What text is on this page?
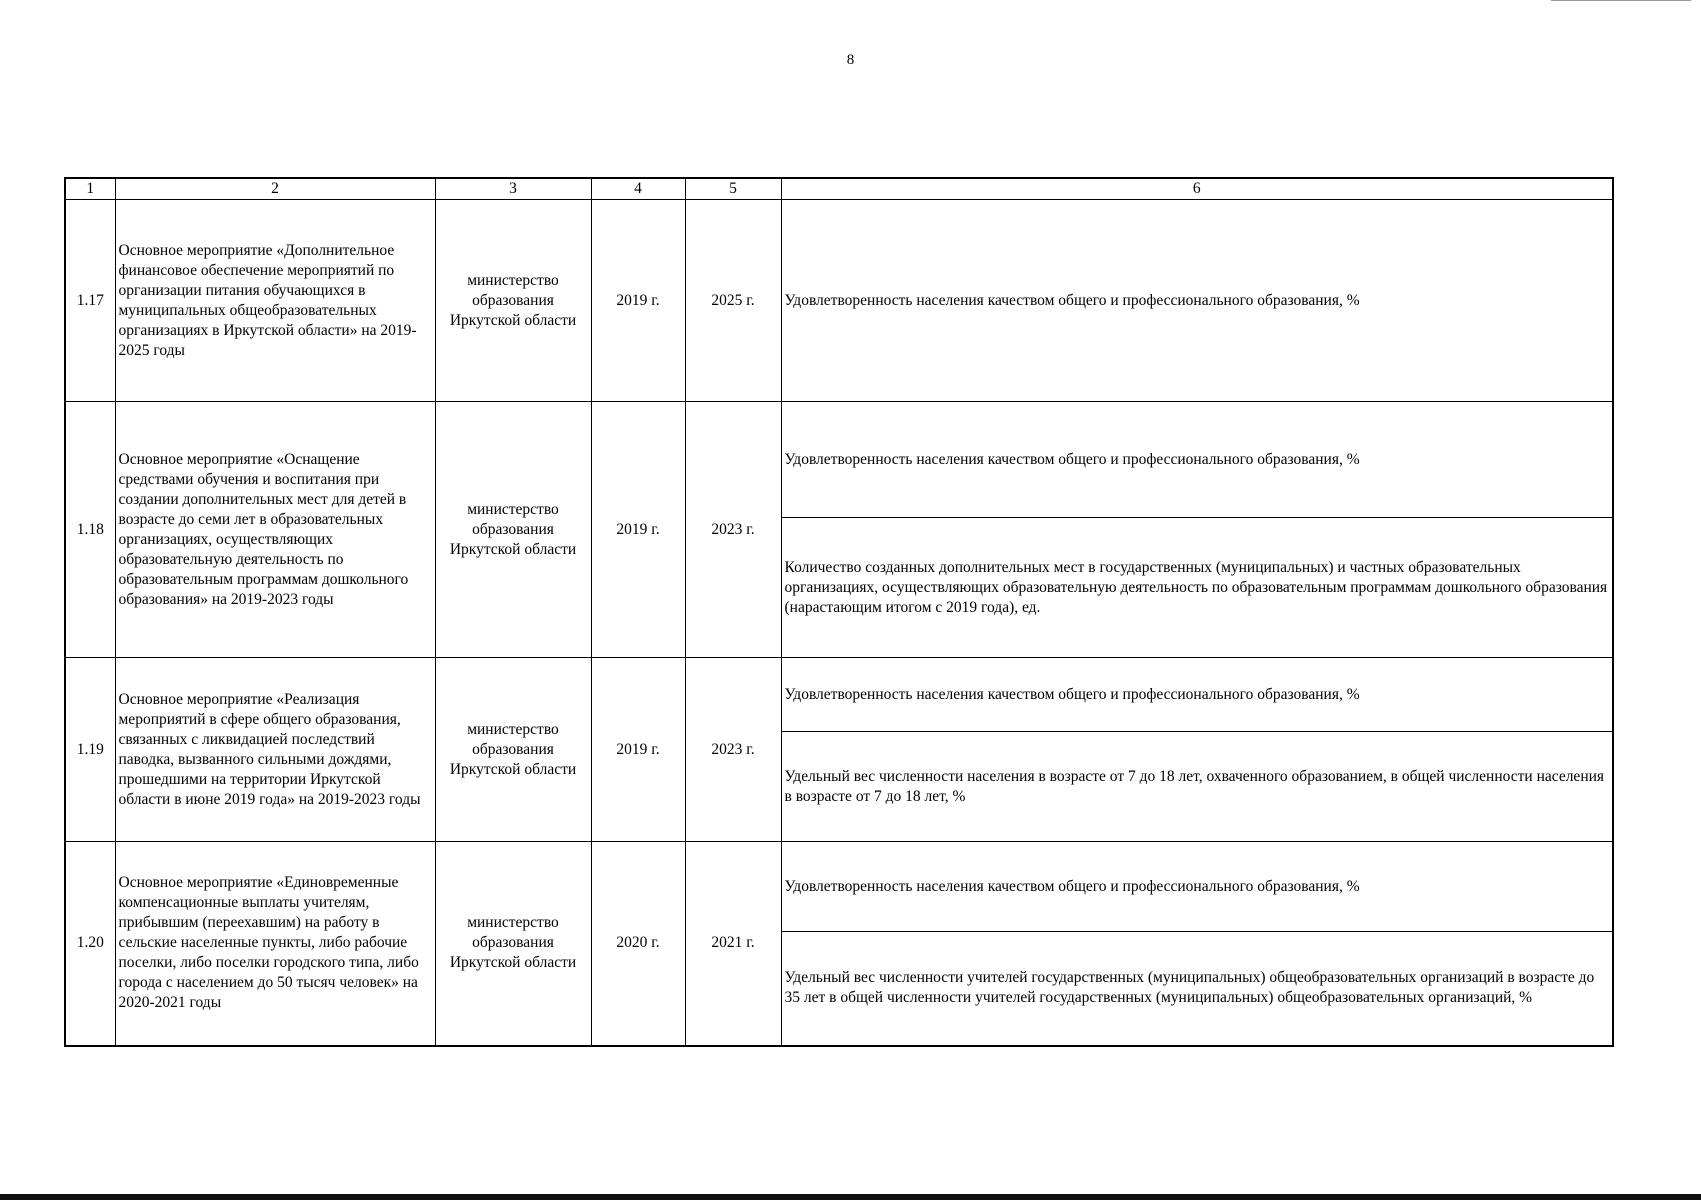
8
1	2	3	4	5	6
1.17	Основное мероприятие «Дополнительное финансовое обеспечение мероприятий по организации питания обучающихся в муниципальных общеобразовательных организациях в Иркутской области» на 2019-2025 годы	министерство образования Иркутской области	2019 г.	2025 г.	Удовлетворенность населения качеством общего и профессионального образования, %
1.18	Основное мероприятие «Оснащение средствами обучения и воспитания при создании дополнительных мест для детей в возрасте до семи лет в образовательных организациях, осуществляющих образовательную деятельность по образовательным программам дошкольного образования» на 2019-2023 годы	министерство образования Иркутской области	2019 г.	2023 г.	Удовлетворенность населения качеством общего и профессионального образования, %
					Количество созданных дополнительных мест в государственных (муниципальных) и частных образовательных организациях, осуществляющих образовательную деятельность по образовательным программам дошкольного образования (нарастающим итогом с 2019 года), ед.
1.19	Основное мероприятие «Реализация мероприятий в сфере общего образования, связанных с ликвидацией последствий паводка, вызванного сильными дождями, прошедшими на территории Иркутской области в июне 2019 года» на 2019-2023 годы	министерство образования Иркутской области	2019 г.	2023 г.	Удовлетворенность населения качеством общего и профессионального образования, %
					Удельный вес численности населения в возрасте от 7 до 18 лет, охваченного образованием, в общей численности населения в возрасте от 7 до 18 лет, %
1.20	Основное мероприятие «Единовременные компенсационные выплаты учителям, прибывшим (переехавшим) на работу в сельские населенные пункты, либо рабочие поселки, либо поселки городского типа, либо города с населением до 50 тысяч человек» на 2020-2021 годы	министерство образования Иркутской области	2020 г.	2021 г.	Удовлетворенность населения качеством общего и профессионального образования, %
					Удельный вес численности учителей государственных (муниципальных) общеобразовательных организаций в возрасте до 35 лет в общей численности учителей государственных (муниципальных) общеобразовательных организаций, %
